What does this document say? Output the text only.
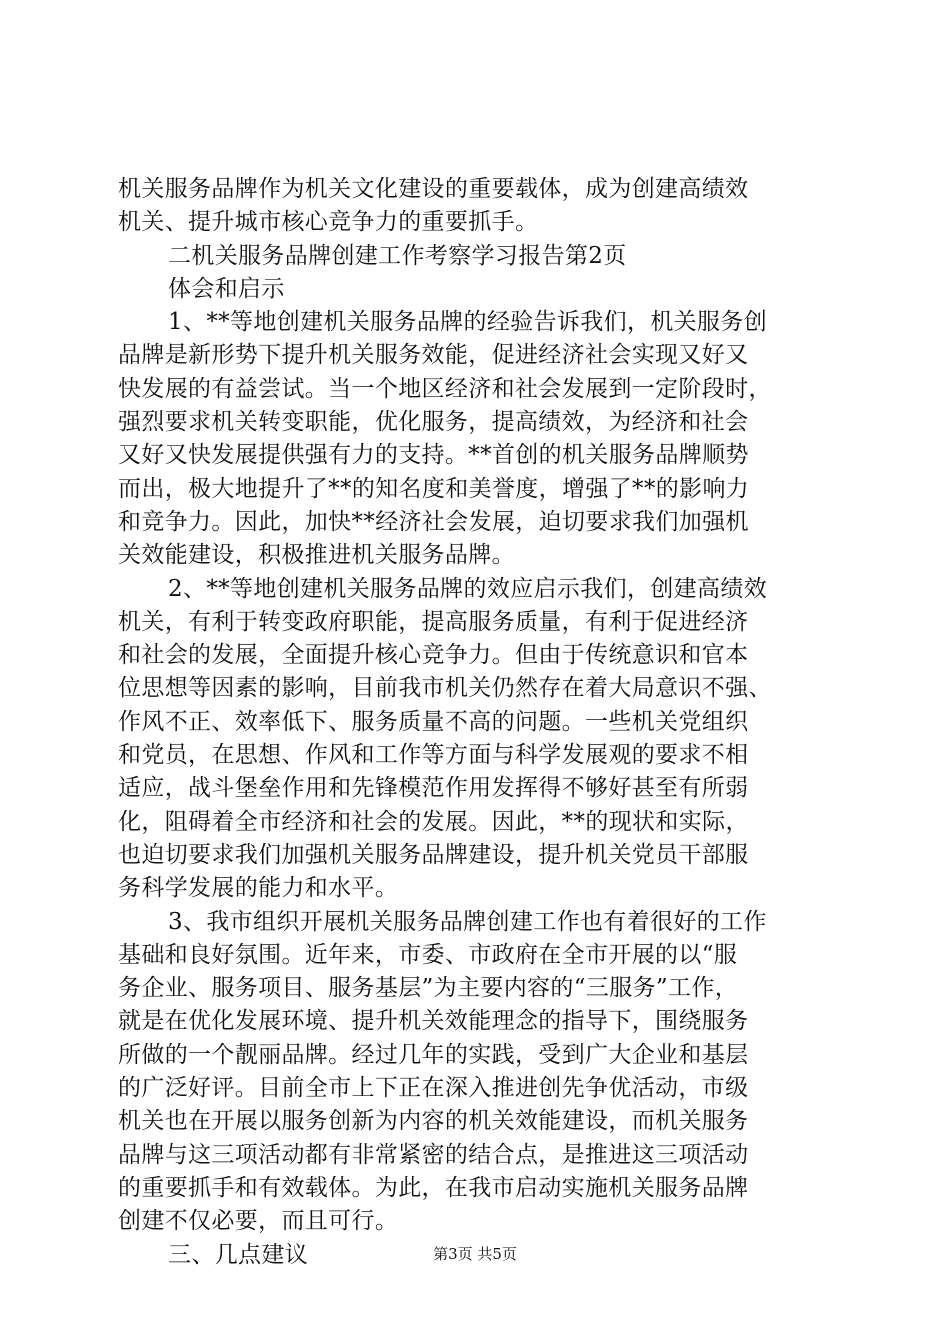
机关服务品牌作为机关文化建设的重要载体，成为创建高绩效
机关、提升城市核心竞争力的重要抓手。
二机关服务品牌创建工作考察学习报告第2页
体会和启示
1、**等地创建机关服务品牌的经验告诉我们，机关服务创
品牌是新形势下提升机关服务效能，促进经济社会实现又好又
快发展的有益尝试。当一个地区经济和社会发展到一定阶段时，
强烈要求机关转变职能，优化服务，提高绩效，为经济和社会
又好又快发展提供强有力的支持。**首创的机关服务品牌顺势
而出，极大地提升了**的知名度和美誉度，增强了**的影响力
和竞争力。因此，加快**经济社会发展，迫切要求我们加强机
关效能建设，积极推进机关服务品牌。
2、**等地创建机关服务品牌的效应启示我们，创建高绩效
机关，有利于转变政府职能，提高服务质量，有利于促进经济
和社会的发展，全面提升核心竞争力。但由于传统意识和官本
位思想等因素的影响，目前我市机关仍然存在着大局意识不强、
作风不正、效率低下、服务质量不高的问题。一些机关党组织
和党员，在思想、作风和工作等方面与科学发展观的要求不相
适应，战斗堡垒作用和先锋模范作用发挥得不够好甚至有所弱
化，阻碍着全市经济和社会的发展。因此，**的现状和实际，
也迫切要求我们加强机关服务品牌建设，提升机关党员干部服
务科学发展的能力和水平。
3、我市组织开展机关服务品牌创建工作也有着很好的工作
基础和良好氛围。近年来，市委、市政府在全市开展的以“服
务企业、服务项目、服务基层”为主要内容的“三服务”工作，
就是在优化发展环境、提升机关效能理念的指导下，围绕服务
所做的一个靓丽品牌。经过几年的实践，受到广大企业和基层
的广泛好评。目前全市上下正在深入推进创先争优活动，市级
机关也在开展以服务创新为内容的机关效能建设，而机关服务
品牌与这三项活动都有非常紧密的结合点，是推进这三项活动
的重要抓手和有效载体。为此，在我市启动实施机关服务品牌
创建不仅必要，而且可行。
三、几点建议	第3页 共5页
